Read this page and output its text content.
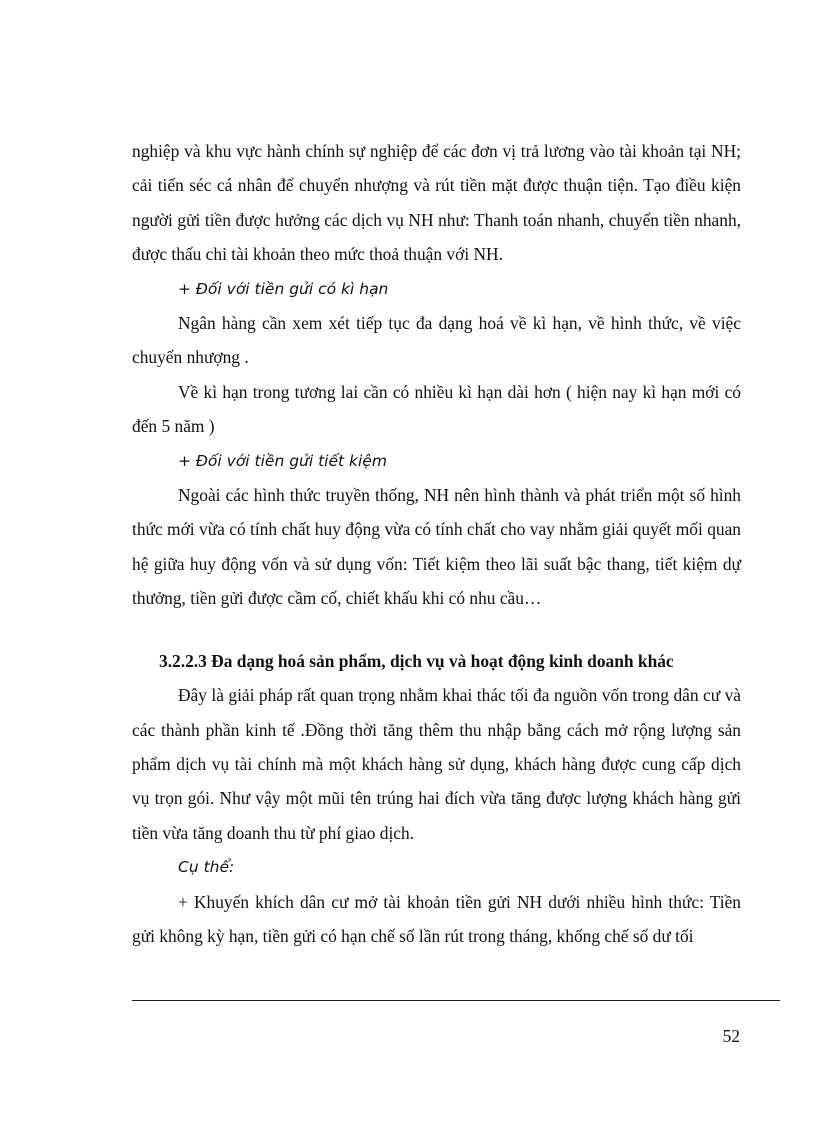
nghiệp và khu vực hành chính sự nghiệp để các đơn vị trả lương vào tài khoản tại NH; cải tiến séc cá nhân để chuyển nhượng và rút tiền mặt được thuận tiện. Tạo điều kiện người gửi tiền được hưởng các dịch vụ NH như: Thanh toán nhanh, chuyển tiền nhanh, được thấu chi tài khoản theo mức thoả thuận với NH.

+ Đối với tiền gửi có kì hạn

Ngân hàng cần xem xét tiếp tục đa dạng hoá về kì hạn, về hình thức, về việc chuyển nhượng .

Về kì hạn trong tương lai cần có nhiều kì hạn dài hơn ( hiện nay kì hạn mới có đến 5 năm )

+ Đối với tiền gửi tiết kiệm

Ngoài các hình thức truyền thống, NH nên hình thành và phát triển một số hình thức mới vừa có tính chất huy động vừa có tính chất cho vay nhằm giải quyết mối quan hệ giữa huy động vốn và sử dụng vốn: Tiết kiệm theo lãi suất bậc thang, tiết kiệm dự thưởng, tiền gửi được cầm cố, chiết khấu khi có nhu cầu…

3.2.2.3 Đa dạng hoá sản phẩm, dịch vụ và hoạt động kinh doanh khác

Đây là giải pháp rất quan trọng nhằm khai thác tối đa nguồn vốn trong dân cư và các thành phần kinh tế .Đồng thời tăng thêm thu nhập bằng cách mở rộng lượng sản phẩm dịch vụ tài chính mà một khách hàng sử dụng, khách hàng được cung cấp dịch vụ trọn gói. Như vậy một mũi tên trúng hai đích vừa tăng được lượng khách hàng gửi tiền vừa tăng doanh thu từ phí giao dịch.

Cụ thể:

+ Khuyến khích dân cư mở tài khoản tiền gửi NH dưới nhiều hình thức: Tiền gửi không kỳ hạn, tiền gửi có hạn chế số lần rút trong tháng, khống chế số dư tối

52
